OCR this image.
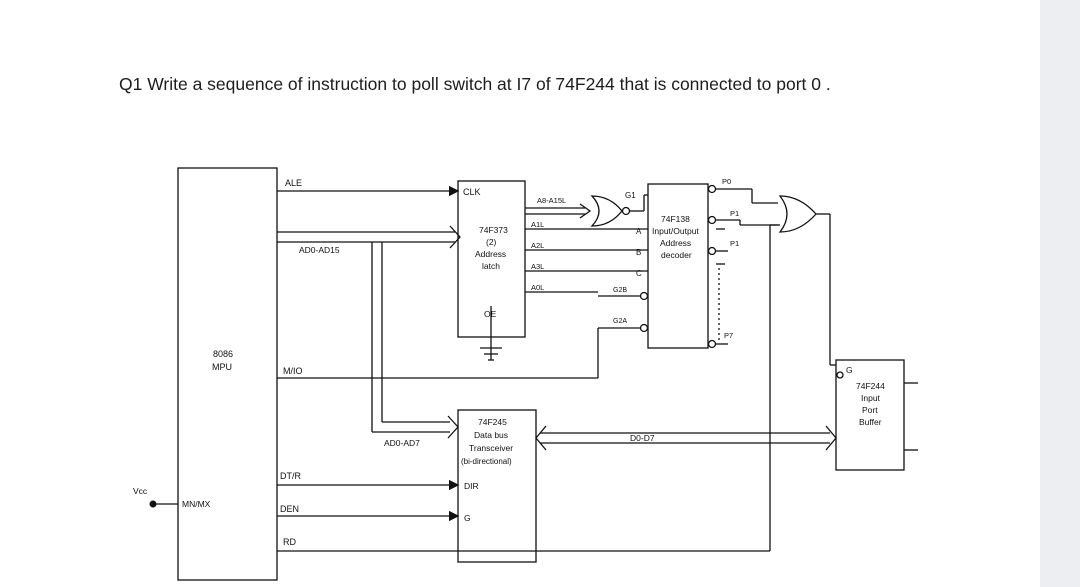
Q1 Write a sequence of instruction to poll switch at I7 of 74F244 that is connected to port 0 .
8086
MPU
ALE
AD0-AD15
M/IO
DT/R
DEN
RD
MN/MX
Vcc
AD0-AD7	D0-D7
CLK
74F373
(2)
Address
latch
OE
A1L
A2L
A3L
A0L
A8-A15L
74F138
Input/Output
Address
decoder
A
B
C
G1
G2B
G2A
P0
P1
P1
P7
74F245
Data bus
Transceiver
(bi-directional)
DIR
G
G
74F244
Input
Port
Buffer
